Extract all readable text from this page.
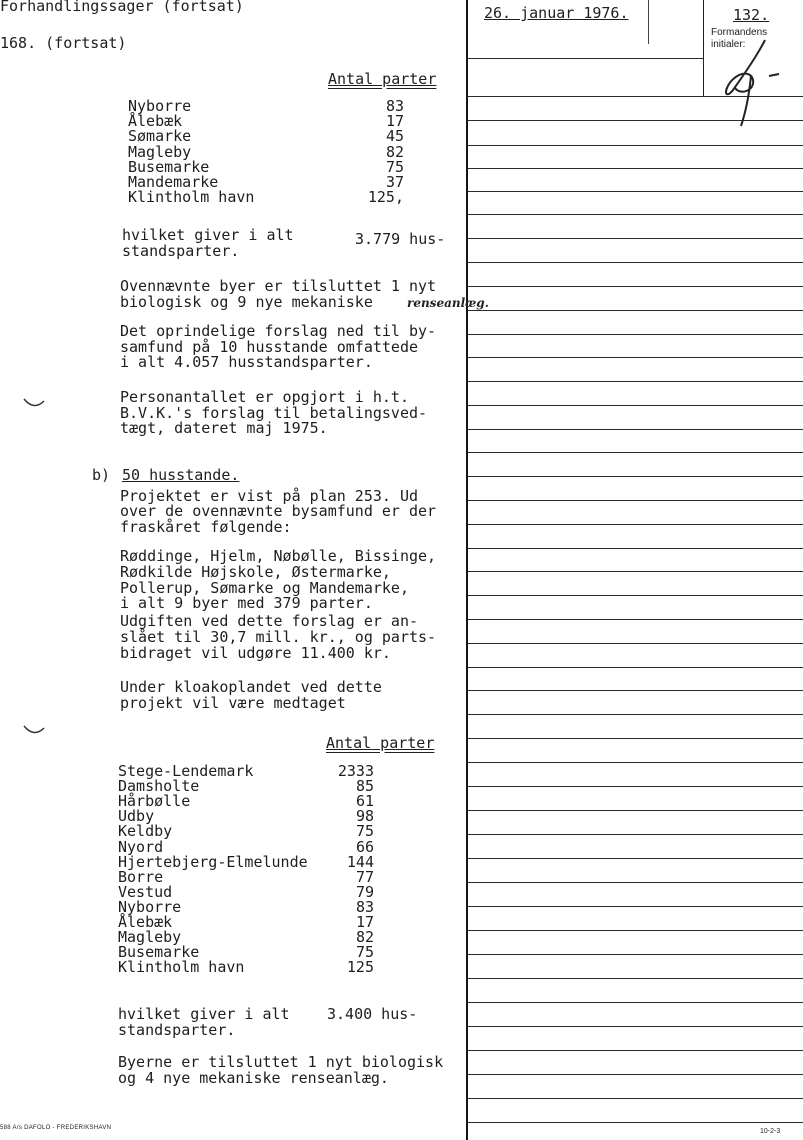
Forhandlingssager (fortsat)
168. (fortsat)
26. januar 1976.	132.
Formandens initialer:
Antal parter
Nyborre	83
Ålebæk	17
Sømarke	45
Magleby	82
Busemarke	75
Mandemarke	37
Klintholm havn	125,
hvilket giver i alt
standsparter.
3.779 hus-
Ovennævnte byer er tilsluttet 1 nyt
biologisk og 9 nye mekaniske
Det oprindelige forslag ned til by-
samfund på 10 husstande omfattede
i alt 4.057 husstandsparter.
Personantallet er opgjort i h.t.
B.V.K.'s forslag til betalingsved-
tægt, dateret maj 1975.
renseanlæg.
b) 50 husstande.
Projektet er vist på plan 253. Ud
over de ovennævnte bysamfund er der
fraskåret følgende:
Røddinge, Hjelm, Nøbølle, Bissinge,
Rødkilde Højskole, Østermarke,
Pollerup, Sømarke og Mandemarke,
i alt 9 byer med 379 parter.
Udgiften ved dette forslag er an-
slået til 30,7 mill. kr., og parts-
bidraget vil udgøre 11.400 kr.
Under kloakoplandet ved dette
projekt vil være medtaget
Antal parter
Stege-Lendemark	2333
Damsholte	85
Hårbølle	61
Udby	98
Keldby	75
Nyord	66
Hjertebjerg-Elmelunde	144
Borre	77
Vestud	79
Nyborre	83
Ålebæk	17
Magleby	82
Busemarke	75
Klintholm havn	125
hvilket giver i alt
standsparter.
3.400 hus-
Byerne er tilsluttet 1 nyt biologisk
og 4 nye mekaniske renseanlæg.
588 A/s DAFOLO - FREDERIKSHAVN	10-2-3
